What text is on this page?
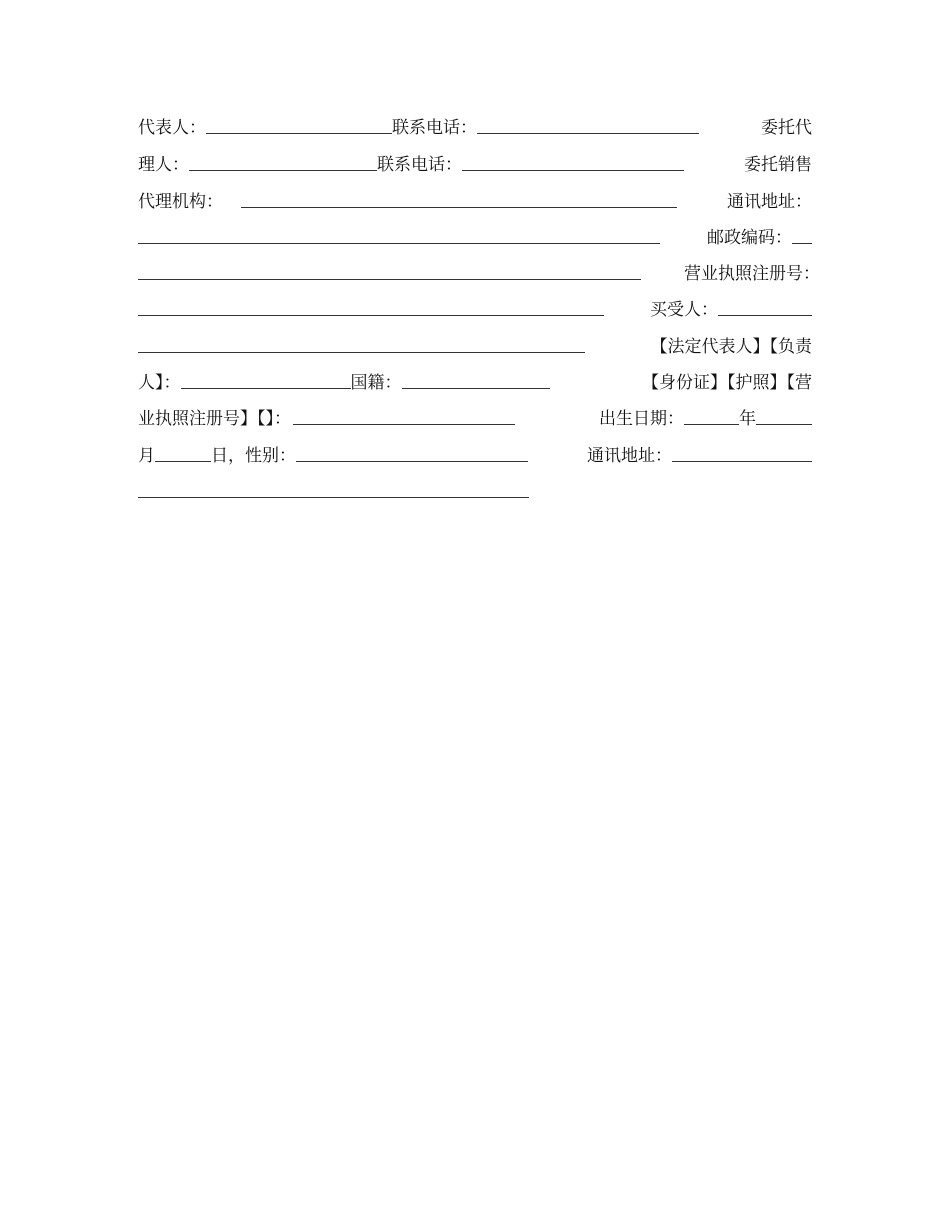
代表人：	联系电话：	委托代
理人：	联系电话：	委托销售
代理机构：	通讯地址：
邮政编码：
营业执照注册号：
买受人：
【法定代表人】【负责
人】：	国籍：	【身份证】【护照】【营
业执照注册号】【】：	出生日期：	年
月	日，性别：	通讯地址：
